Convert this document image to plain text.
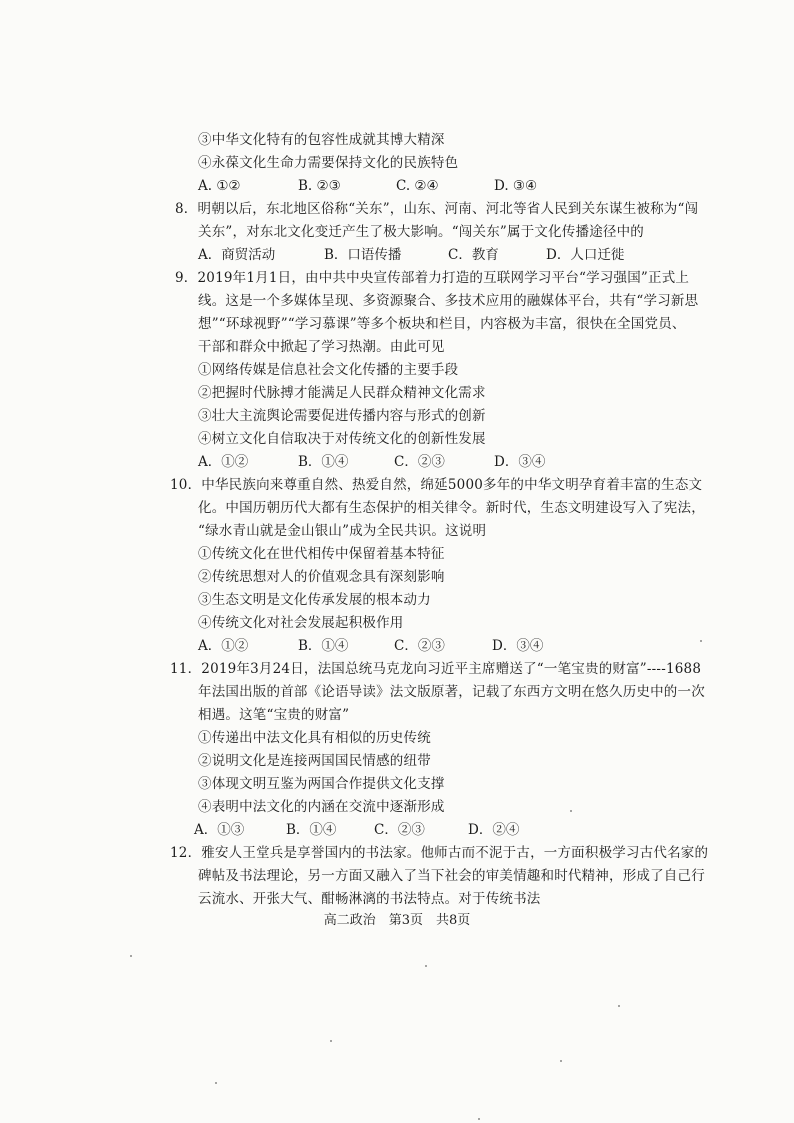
③中华文化特有的包容性成就其博大精深
④永葆文化生命力需要保持文化的民族特色
A. ①②	B. ②③	C. ②④	D. ③④
8．明朝以后，东北地区俗称“关东”，山东、河南、河北等省人民到关东谋生被称为“闯
关东”，对东北文化变迁产生了极大影响。“闯关东”属于文化传播途径中的
A．商贸活动	B．口语传播	C．教育	D．人口迁徙
9．2019年1月1日，由中共中央宣传部着力打造的互联网学习平台“学习强国”正式上
线。这是一个多媒体呈现、多资源聚合、多技术应用的融媒体平台，共有“学习新思
想”“环球视野”“学习慕课”等多个板块和栏目，内容极为丰富，很快在全国党员、
干部和群众中掀起了学习热潮。由此可见
①网络传媒是信息社会文化传播的主要手段
②把握时代脉搏才能满足人民群众精神文化需求
③壮大主流舆论需要促进传播内容与形式的创新
④树立文化自信取决于对传统文化的创新性发展
A．①②	B．①④	C．②③	D．③④
10．中华民族向来尊重自然、热爱自然，绵延5000多年的中华文明孕育着丰富的生态文
化。中国历朝历代大都有生态保护的相关律令。新时代，生态文明建设写入了宪法，
“绿水青山就是金山银山”成为全民共识。这说明
①传统文化在世代相传中保留着基本特征
②传统思想对人的价值观念具有深刻影响
③生态文明是文化传承发展的根本动力
④传统文化对社会发展起积极作用
A．①②	B．①④	C．②③	D．③④
11．2019年3月24日，法国总统马克龙向习近平主席赠送了“一笔宝贵的财富”----1688
年法国出版的首部《论语导读》法文版原著，记载了东西方文明在悠久历史中的一次
相遇。这笔“宝贵的财富”
①传递出中法文化具有相似的历史传统
②说明文化是连接两国国民情感的纽带
③体现文明互鉴为两国合作提供文化支撑
④表明中法文化的内涵在交流中逐渐形成
A．①③	B．①④	C．②③	D．②④
12．雅安人王堂兵是享誉国内的书法家。他师古而不泥于古，一方面积极学习古代名家的
碑帖及书法理论，另一方面又融入了当下社会的审美情趣和时代精神，形成了自己行
云流水、开张大气、酣畅淋漓的书法特点。对于传统书法
高二政治　第3页　共8页
